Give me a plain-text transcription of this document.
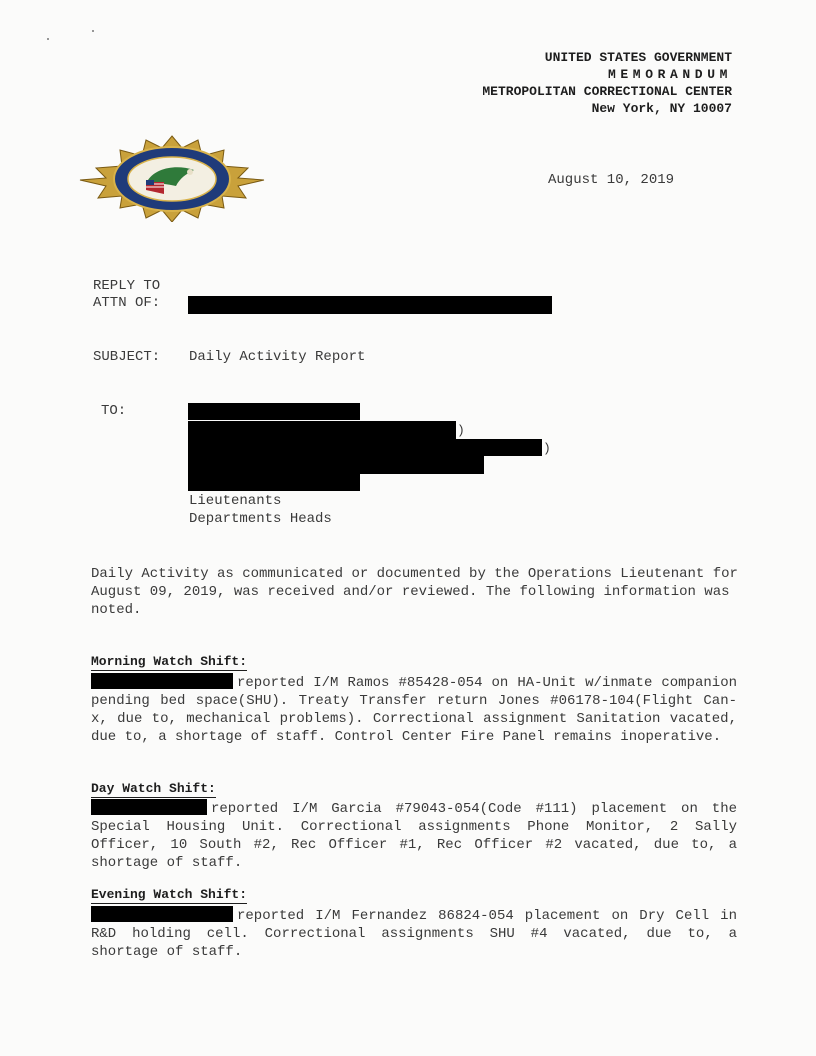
UNITED STATES GOVERNMENT
MEMORANDUM
METROPOLITAN CORRECTIONAL CENTER
New York, NY 10007
August 10, 2019
REPLY TO
ATTN OF:
SUBJECT: Daily Activity Report
TO:
)
)
Lieutenants
Departments Heads
Daily Activity as communicated or documented by the Operations Lieutenant for August 09, 2019, was received and/or reviewed. The following information was noted.
Morning Watch Shift:
reported I/M Ramos #85428-054 on HA-Unit w/inmate companion pending bed space(SHU). Treaty Transfer return Jones #06178-104(Flight Can-x, due to, mechanical problems). Correctional assignment Sanitation vacated, due to, a shortage of staff. Control Center Fire Panel remains inoperative.
Day Watch Shift:
reported I/M Garcia #79043-054(Code #111) placement on the Special Housing Unit. Correctional assignments Phone Monitor, 2 Sally Officer, 10 South #2, Rec Officer #1, Rec Officer #2 vacated, due to, a shortage of staff.
Evening Watch Shift:
reported I/M Fernandez 86824-054 placement on Dry Cell in R&D holding cell. Correctional assignments SHU #4 vacated, due to, a shortage of staff.
